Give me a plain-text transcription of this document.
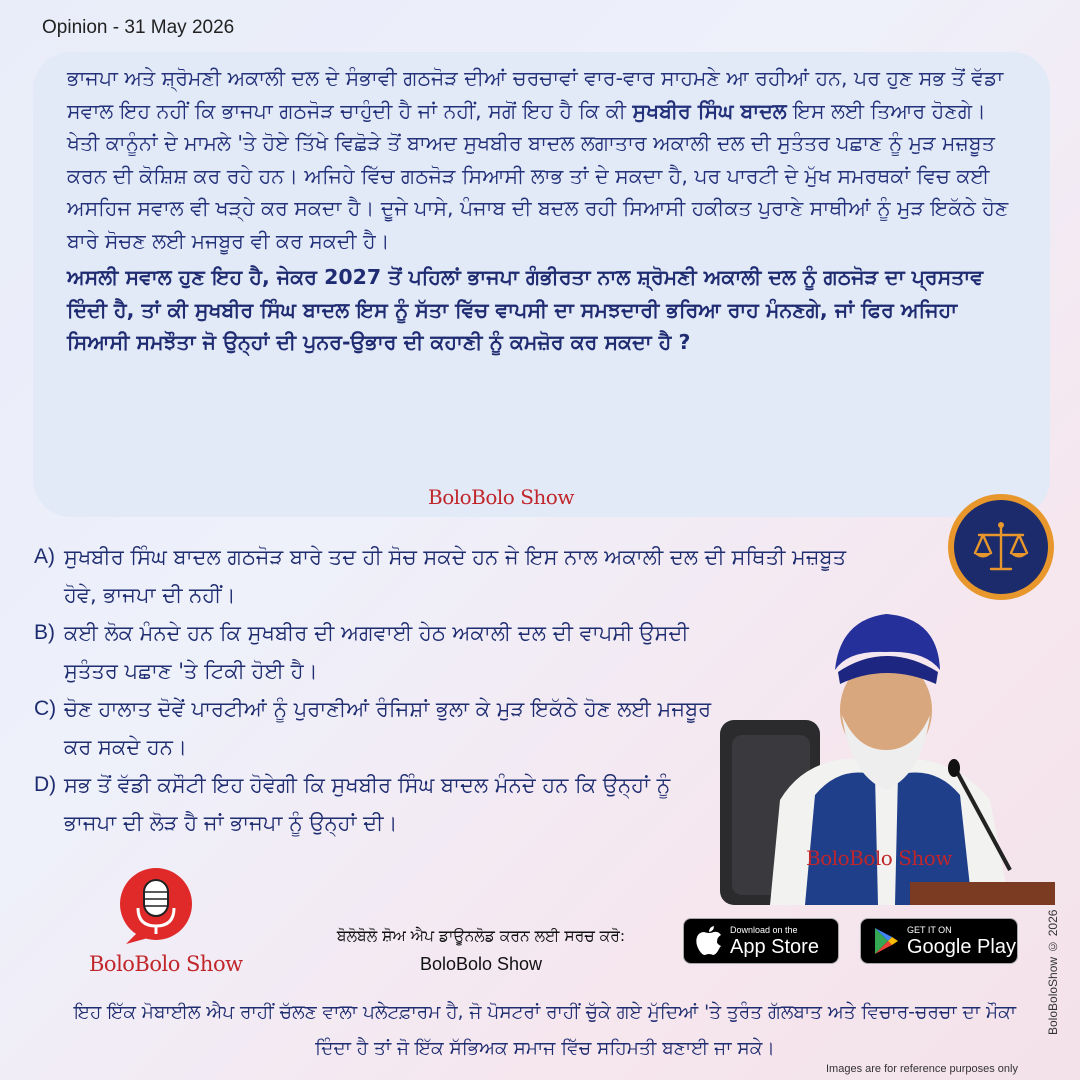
Opinion - 31 May 2026

ਭਾਜਪਾ ਅਤੇ ਸ਼੍ਰੋਮਣੀ ਅਕਾਲੀ ਦਲ ਦੇ ਸੰਭਾਵੀ ਗਠਜੋੜ ਦੀਆਂ ਚਰਚਾਵਾਂ ਵਾਰ-ਵਾਰ ਸਾਹਮਣੇ ਆ ਰਹੀਆਂ ਹਨ, ਪਰ ਹੁਣ ਸਭ ਤੋਂ ਵੱਡਾ ਸਵਾਲ ਇਹ ਨਹੀਂ ਕਿ ਭਾਜਪਾ ਗਠਜੋੜ ਚਾਹੁੰਦੀ ਹੈ ਜਾਂ ਨਹੀਂ, ਸਗੋਂ ਇਹ ਹੈ ਕਿ ਕੀ ਸੁਖਬੀਰ ਸਿੰਘ ਬਾਦਲ ਇਸ ਲਈ ਤਿਆਰ ਹੋਣਗੇ। ਖੇਤੀ ਕਾਨੂੰਨਾਂ ਦੇ ਮਾਮਲੇ 'ਤੇ ਹੋਏ ਤਿੱਖੇ ਵਿਛੋੜੇ ਤੋਂ ਬਾਅਦ ਸੁਖਬੀਰ ਬਾਦਲ ਲਗਾਤਾਰ ਅਕਾਲੀ ਦਲ ਦੀ ਸੁਤੰਤਰ ਪਛਾਣ ਨੂੰ ਮੁੜ ਮਜ਼ਬੂਤ ਕਰਨ ਦੀ ਕੋਸ਼ਿਸ਼ ਕਰ ਰਹੇ ਹਨ। ਅਜਿਹੇ ਵਿੱਚ ਗਠਜੋੜ ਸਿਆਸੀ ਲਾਭ ਤਾਂ ਦੇ ਸਕਦਾ ਹੈ, ਪਰ ਪਾਰਟੀ ਦੇ ਮੁੱਖ ਸਮਰਥਕਾਂ ਵਿਚ ਕਈ ਅਸਹਿਜ ਸਵਾਲ ਵੀ ਖੜ੍ਹੇ ਕਰ ਸਕਦਾ ਹੈ। ਦੂਜੇ ਪਾਸੇ, ਪੰਜਾਬ ਦੀ ਬਦਲ ਰਹੀ ਸਿਆਸੀ ਹਕੀਕਤ ਪੁਰਾਣੇ ਸਾਥੀਆਂ ਨੂੰ ਮੁੜ ਇਕੱਠੇ ਹੋਣ ਬਾਰੇ ਸੋਚਣ ਲਈ ਮਜਬੂਰ ਵੀ ਕਰ ਸਕਦੀ ਹੈ।

ਅਸਲੀ ਸਵਾਲ ਹੁਣ ਇਹ ਹੈ, ਜੇਕਰ 2027 ਤੋਂ ਪਹਿਲਾਂ ਭਾਜਪਾ ਗੰਭੀਰਤਾ ਨਾਲ ਸ਼੍ਰੋਮਣੀ ਅਕਾਲੀ ਦਲ ਨੂੰ ਗਠਜੋੜ ਦਾ ਪ੍ਰਸਤਾਵ ਦਿੰਦੀ ਹੈ, ਤਾਂ ਕੀ ਸੁਖਬੀਰ ਸਿੰਘ ਬਾਦਲ ਇਸ ਨੂੰ ਸੱਤਾ ਵਿੱਚ ਵਾਪਸੀ ਦਾ ਸਮਝਦਾਰੀ ਭਰਿਆ ਰਾਹ ਮੰਨਣਗੇ, ਜਾਂ ਫਿਰ ਅਜਿਹਾ ਸਿਆਸੀ ਸਮਝੌਤਾ ਜੋ ਉਨ੍ਹਾਂ ਦੀ ਪੁਨਰ-ਉਭਾਰ ਦੀ ਕਹਾਣੀ ਨੂੰ ਕਮਜ਼ੋਰ ਕਰ ਸਕਦਾ ਹੈ ?

BoloBolo Show
A) ਸੁਖਬੀਰ ਸਿੰਘ ਬਾਦਲ ਗਠਜੋੜ ਬਾਰੇ ਤਦ ਹੀ ਸੋਚ ਸਕਦੇ ਹਨ ਜੇ ਇਸ ਨਾਲ ਅਕਾਲੀ ਦਲ ਦੀ ਸਥਿਤੀ ਮਜ਼ਬੂਤ ਹੋਵੇ, ਭਾਜਪਾ ਦੀ ਨਹੀਂ।
B) ਕਈ ਲੋਕ ਮੰਨਦੇ ਹਨ ਕਿ ਸੁਖਬੀਰ ਦੀ ਅਗਵਾਈ ਹੇਠ ਅਕਾਲੀ ਦਲ ਦੀ ਵਾਪਸੀ ਉਸਦੀ ਸੁਤੰਤਰ ਪਛਾਣ 'ਤੇ ਟਿਕੀ ਹੋਈ ਹੈ।
C) ਚੋਣ ਹਾਲਾਤ ਦੋਵੇਂ ਪਾਰਟੀਆਂ ਨੂੰ ਪੁਰਾਣੀਆਂ ਰੰਜਿਸ਼ਾਂ ਭੁਲਾ ਕੇ ਮੁੜ ਇਕੱਠੇ ਹੋਣ ਲਈ ਮਜਬੂਰ ਕਰ ਸਕਦੇ ਹਨ।
D) ਸਭ ਤੋਂ ਵੱਡੀ ਕਸੌਟੀ ਇਹ ਹੋਵੇਗੀ ਕਿ ਸੁਖਬੀਰ ਸਿੰਘ ਬਾਦਲ ਮੰਨਦੇ ਹਨ ਕਿ ਉਨ੍ਹਾਂ ਨੂੰ ਭਾਜਪਾ ਦੀ ਲੋੜ ਹੈ ਜਾਂ ਭਾਜਪਾ ਨੂੰ ਉਨ੍ਹਾਂ ਦੀ।
BoloBolo Show
BoloBolo Show
ਬੋਲੋਬੋਲੋ ਸ਼ੋਅ ਐਪ ਡਾਊਨਲੋਡ ਕਰਨ ਲਈ ਸਰਚ ਕਰੋ:
BoloBolo Show
Download on the
App Store
GET IT ON
Google Play
ਇਹ ਇੱਕ ਮੋਬਾਈਲ ਐਪ ਰਾਹੀਂ ਚੱਲਣ ਵਾਲਾ ਪਲੇਟਫ਼ਾਰਮ ਹੈ, ਜੋ ਪੋਸਟਰਾਂ ਰਾਹੀਂ ਚੁੱਕੇ ਗਏ ਮੁੱਦਿਆਂ 'ਤੇ ਤੁਰੰਤ ਗੱਲਬਾਤ ਅਤੇ ਵਿਚਾਰ-ਚਰਚਾ ਦਾ ਮੌਕਾ ਦਿੰਦਾ ਹੈ ਤਾਂ ਜੋ ਇੱਕ ਸੱਭਿਅਕ ਸਮਾਜ ਵਿੱਚ ਸਹਿਮਤੀ ਬਣਾਈ ਜਾ ਸਕੇ।
BoloBoloShow © 2026
Images are for reference purposes only
